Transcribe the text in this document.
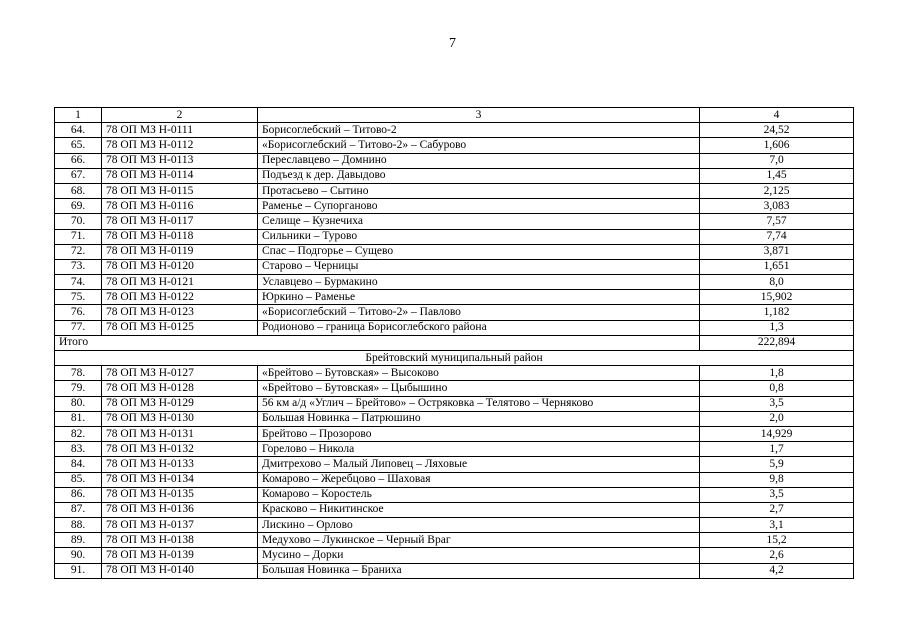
7
1	2	3	4
64.	78 ОП МЗ Н-0111	Борисоглебский – Титово-2	24,52
65.	78 ОП МЗ Н-0112	«Борисоглебский – Титово-2» – Сабурово	1,606
66.	78 ОП МЗ Н-0113	Переславцево – Домнино	7,0
67.	78 ОП МЗ Н-0114	Подъезд к дер. Давыдово	1,45
68.	78 ОП МЗ Н-0115	Протасьево – Сытино	2,125
69.	78 ОП МЗ Н-0116	Раменье – Супорганово	3,083
70.	78 ОП МЗ Н-0117	Селище – Кузнечиха	7,57
71.	78 ОП МЗ Н-0118	Сильники – Турово	7,74
72.	78 ОП МЗ Н-0119	Спас – Подгорье – Сущево	3,871
73.	78 ОП МЗ Н-0120	Старово – Черницы	1,651
74.	78 ОП МЗ Н-0121	Уславцево – Бурмакино	8,0
75.	78 ОП МЗ Н-0122	Юркино – Раменье	15,902
76.	78 ОП МЗ Н-0123	«Борисоглебский – Титово-2» – Павлово	1,182
77.	78 ОП МЗ Н-0125	Родионово – граница Борисоглебского района	1,3
Итого			222,894
Брейтовский муниципальный район			
78.	78 ОП МЗ Н-0127	«Брейтово – Бутовская» – Высоково	1,8
79.	78 ОП МЗ Н-0128	«Брейтово – Бутовская» – Цыбышино	0,8
80.	78 ОП МЗ Н-0129	56 км а/д «Углич – Брейтово» – Остряковка – Телятово – Черняково	3,5
81.	78 ОП МЗ Н-0130	Большая Новинка – Патрюшино	2,0
82.	78 ОП МЗ Н-0131	Брейтово – Прозорово	14,929
83.	78 ОП МЗ Н-0132	Горелово – Никола	1,7
84.	78 ОП МЗ Н-0133	Дмитрехово – Малый Липовец – Ляховые	5,9
85.	78 ОП МЗ Н-0134	Комарово – Жеребцово – Шаховая	9,8
86.	78 ОП МЗ Н-0135	Комарово – Коростель	3,5
87.	78 ОП МЗ Н-0136	Красково – Никитинское	2,7
88.	78 ОП МЗ Н-0137	Лискино – Орлово	3,1
89.	78 ОП МЗ Н-0138	Медухово – Лукинское – Черный Враг	15,2
90.	78 ОП МЗ Н-0139	Мусино – Дорки	2,6
91.	78 ОП МЗ Н-0140	Большая Новинка – Браниха	4,2
